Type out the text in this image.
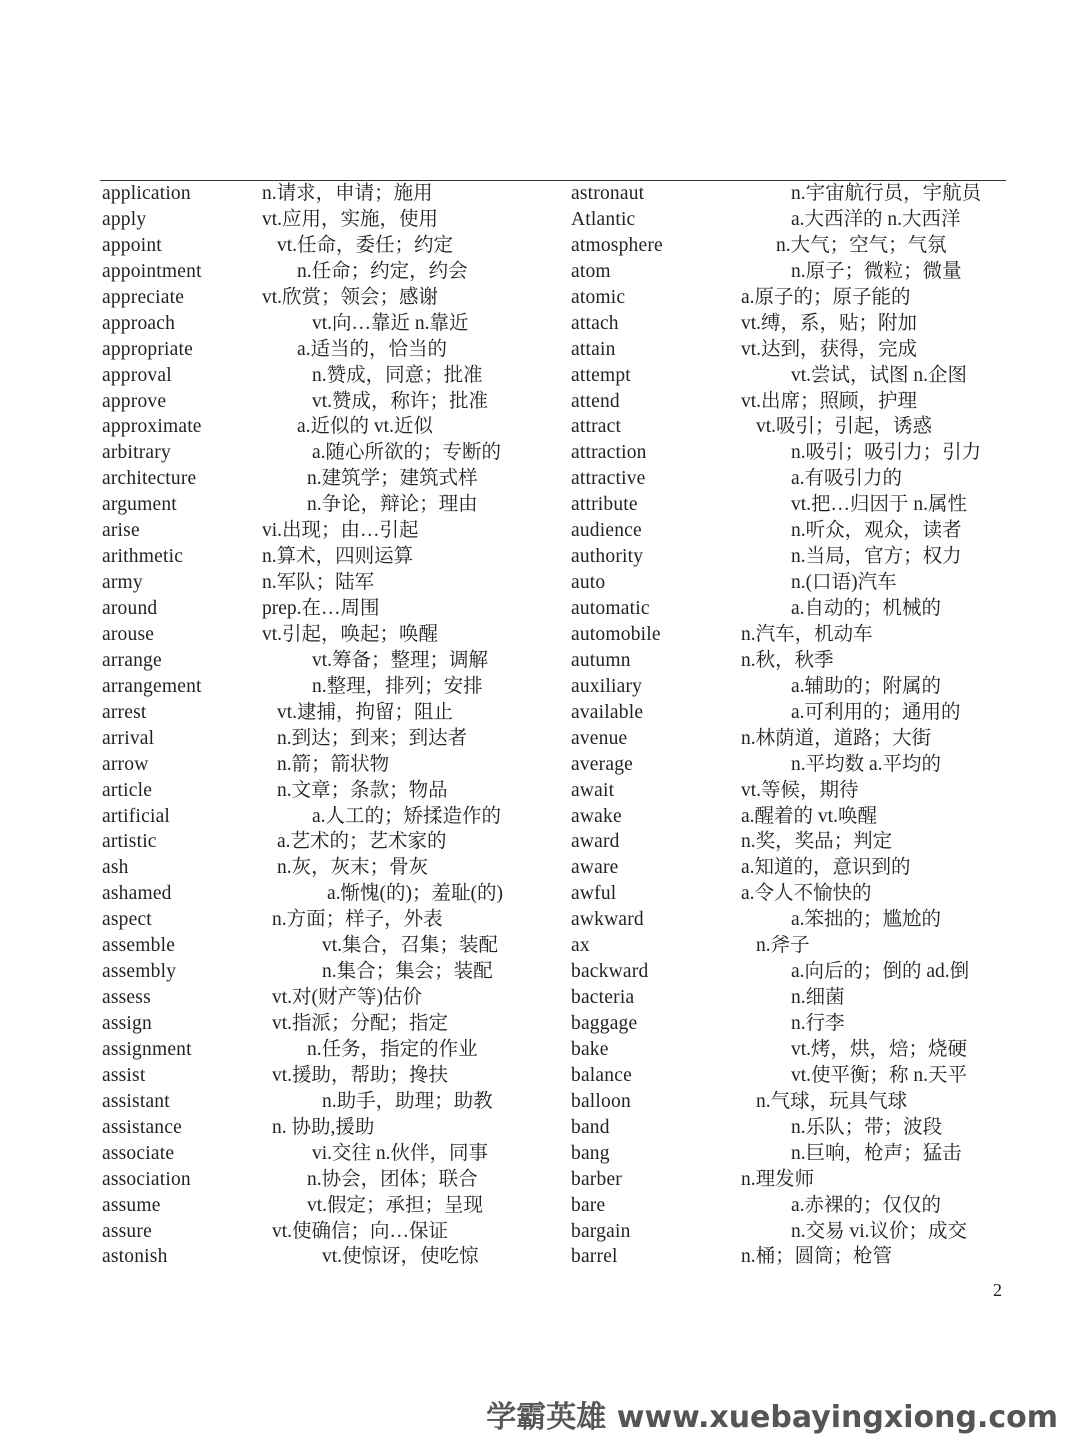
application	n.请求，申请；施用
apply	vt.应用，实施，使用
appoint	vt.任命，委任；约定
appointment	n.任命；约定，约会
appreciate	vt.欣赏；领会；感谢
approach	vt.向…靠近 n.靠近
appropriate	a.适当的，恰当的
approval	n.赞成，同意；批准
approve	vt.赞成，称许；批准
approximate	a.近似的 vt.近似
arbitrary	a.随心所欲的；专断的
architecture	n.建筑学；建筑式样
argument	n.争论，辩论；理由
arise	vi.出现；由…引起
arithmetic	n.算术，四则运算
army	n.军队；陆军
around	prep.在…周围
arouse	vt.引起，唤起；唤醒
arrange	vt.筹备；整理；调解
arrangement	n.整理，排列；安排
arrest	vt.逮捕，拘留；阻止
arrival	n.到达；到来；到达者
arrow	n.箭；箭状物
article	n.文章；条款；物品
artificial	a.人工的；矫揉造作的
artistic	a.艺术的；艺术家的
ash	n.灰，灰末；骨灰
ashamed	a.惭愧(的)；羞耻(的)
aspect	n.方面；样子，外表
assemble	vt.集合，召集；装配
assembly	n.集合；集会；装配
assess	vt.对(财产等)估价
assign	vt.指派；分配；指定
assignment	n.任务，指定的作业
assist	vt.援助，帮助；搀扶
assistant	n.助手，助理；助教
assistance	n. 协助,援助
associate	vi.交往 n.伙伴，同事
association	n.协会，团体；联合
assume	vt.假定；承担；呈现
assure	vt.使确信；向…保证
astonish	vt.使惊讶，使吃惊
astronaut	n.宇宙航行员，宇航员
Atlantic	a.大西洋的 n.大西洋
atmosphere	n.大气；空气；气氛
atom	n.原子；微粒；微量
atomic	a.原子的；原子能的
attach	vt.缚，系，贴；附加
attain	vt.达到，获得，完成
attempt	vt.尝试，试图 n.企图
attend	vt.出席；照顾，护理
attract	vt.吸引；引起，诱惑
attraction	n.吸引；吸引力；引力
attractive	a.有吸引力的
attribute	vt.把…归因于 n.属性
audience	n.听众，观众，读者
authority	n.当局，官方；权力
auto	n.(口语)汽车
automatic	a.自动的；机械的
automobile	n.汽车，机动车
autumn	n.秋，秋季
auxiliary	a.辅助的；附属的
available	a.可利用的；通用的
avenue	n.林荫道，道路；大街
average	n.平均数 a.平均的
await	vt.等候，期待
awake	a.醒着的 vt.唤醒
award	n.奖，奖品；判定
aware	a.知道的，意识到的
awful	a.令人不愉快的
awkward	a.笨拙的；尴尬的
ax	n.斧子
backward	a.向后的；倒的 ad.倒
bacteria	n.细菌
baggage	n.行李
bake	vt.烤，烘，焙；烧硬
balance	vt.使平衡；称 n.天平
balloon	n.气球，玩具气球
band	n.乐队；带；波段
bang	n.巨响，枪声；猛击
barber	n.理发师
bare	a.赤裸的；仅仅的
bargain	n.交易 vi.议价；成交
barrel	n.桶；圆筒；枪管
2
学霸英雄 www.xuebayingxiong.com
